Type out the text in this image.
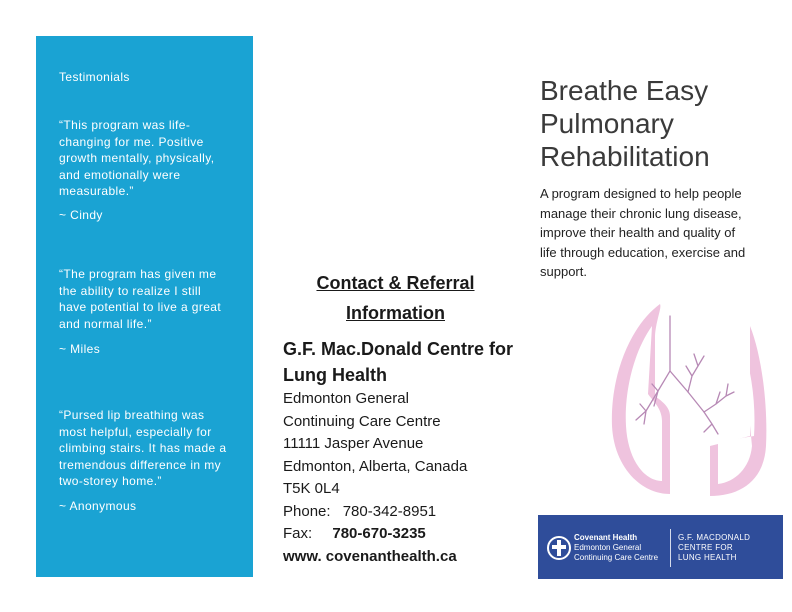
Testimonials
“This program was life-changing for me. Positive growth mentally, physically, and emotionally were measurable.”
~ Cindy
“The program has given me the ability to realize I still have potential to live a great and normal life.”
~ Miles
“Pursed lip breathing was most helpful, especially for climbing stairs. It has made a tremendous difference in my two-storey home.”
~ Anonymous
Contact & Referral Information
G.F. Mac.Donald Centre for Lung Health
Edmonton General
Continuing Care Centre
11111 Jasper Avenue
Edmonton, Alberta, Canada
T5K 0L4
Phone: 780-342-8951
Fax: 780-670-3235
www. covenanthealth.ca
Breathe Easy Pulmonary Rehabilitation
A program designed to help people manage their chronic lung disease, improve their health and quality of life through education, exercise and support.
Covenant Health
Edmonton General
Continuing Care Centre
G.F. MACDONALD
CENTRE FOR
LUNG HEALTH
